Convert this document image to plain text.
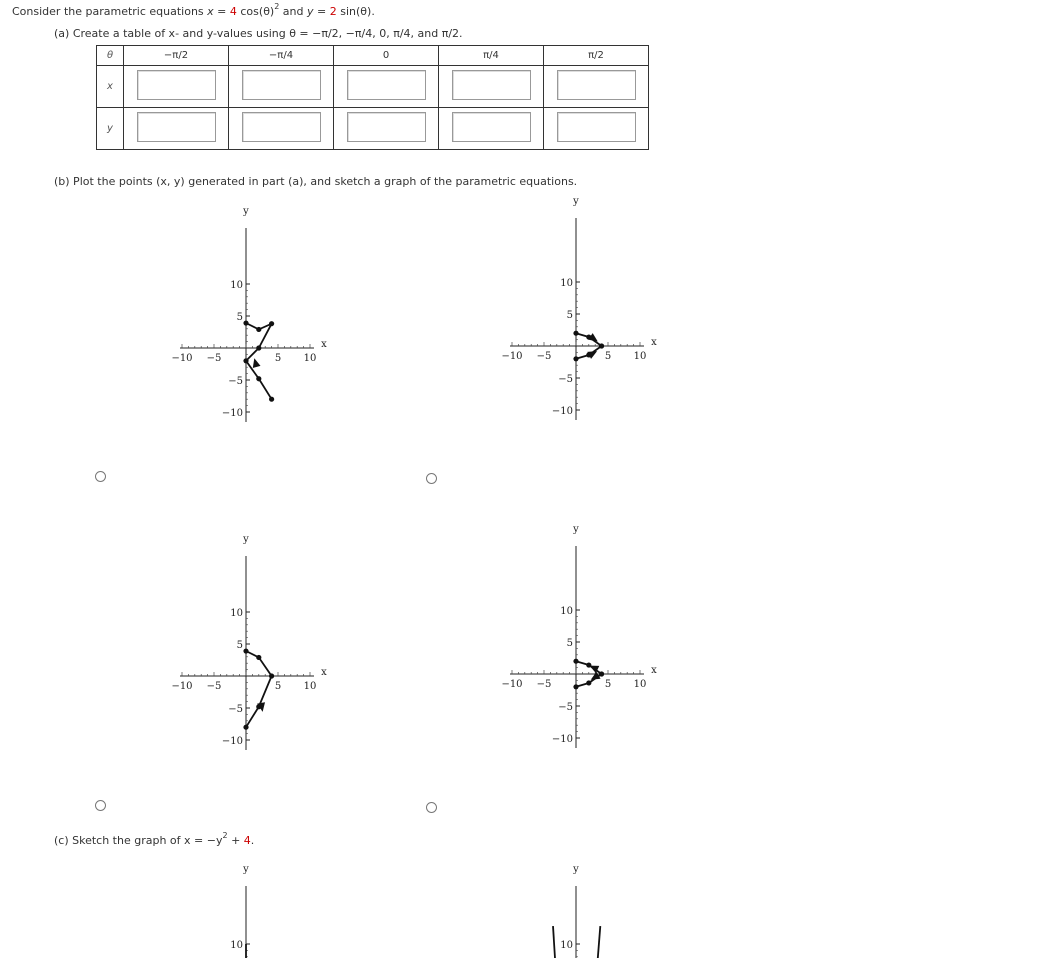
Consider the parametric equations x = 4 $\cos(\theta)^2$ and y = 2 sin(θ).
(a) Create a table of x- and y-values using θ = −π/2, −π/4, 0, π/4, and π/2.
θ	−π/2	−π/4	0	π/4	π/2
x					
y					
(b) Plot the points (x, y) generated in part (a), and sketch a graph of the parametric equations.
y
10
5
−5
−10
x
−10 −5	5 10
y
10
5
−5
−10
x
−10 −5	5 10
y
10
5
−5
−10
x
−10 −5	5 10
y
10
5
−5
−10
x
−10 −5	5 10
(c) Sketch the graph of $x = -y^2 + 4$.
y
10
y
10
